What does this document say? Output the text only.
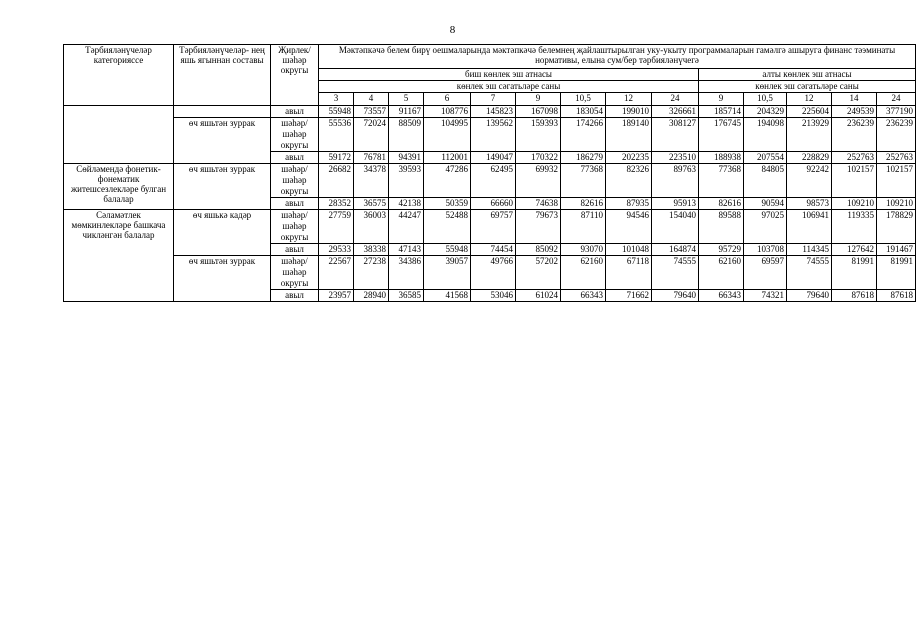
8
Тәрбияләнүчеләр категорияссе	Тәрбияләнүчеләр- нең яшь ягыннан составы	Җирлек/ шәһәр округы	Мәктәпкәчә белем бирү оешмаларында мәктәпкәчә белемнең җайлаштырылган уку-укыту программаларын гамәлгә ашыруга финанс тәэминаты нормативы, елына сум/бер тәрбияләнүчегә													
			биш көнлек эш атнасы									алты көнлек эш атнасы				
			көнлек эш сәгатьләре саны									көнлек эш сәгатьләре саны				
			3	4	5	6	7	9	10,5	12	24	9	10,5	12	14	24
		авыл	55948	73557	91167	108776	145823	167098	183054	199010	326661	185714	204329	225604	249539	377190
	өч яшьтән зуррак	шәһәр/
шәһәр
округы	55536	72024	88509	104995	139562	159393	174266	189140	308127	176745	194098	213929	236239	236239
		авыл	59172	76781	94391	112001	149047	170322	186279	202235	223510	188938	207554	228829	252763	252763
Сөйләмендә фонетик-фонематик житешсезлекләре булган балалар	өч яшьтән зуррак	шәһәр/
шәһәр
округы	26682	34378	39593	47286	62495	69932	77368	82326	89763	77368	84805	92242	102157	102157
		авыл	28352	36575	42138	50359	66660	74638	82616	87935	95913	82616	90594	98573	109210	109210
Сәламәтлек мөмкинлекләре башкача чикләнгән балалар	өч яшькә кадәр	шәһәр/
шәһәр
округы	27759	36003	44247	52488	69757	79673	87110	94546	154040	89588	97025	106941	119335	178829
		авыл	29533	38338	47143	55948	74454	85092	93070	101048	164874	95729	103708	114345	127642	191467
	өч яшьтән зуррак	шәһәр/
шәһәр
округы	22567	27238	34386	39057	49766	57202	62160	67118	74555	62160	69597	74555	81991	81991
		авыл	23957	28940	36585	41568	53046	61024	66343	71662	79640	66343	74321	79640	87618	87618
